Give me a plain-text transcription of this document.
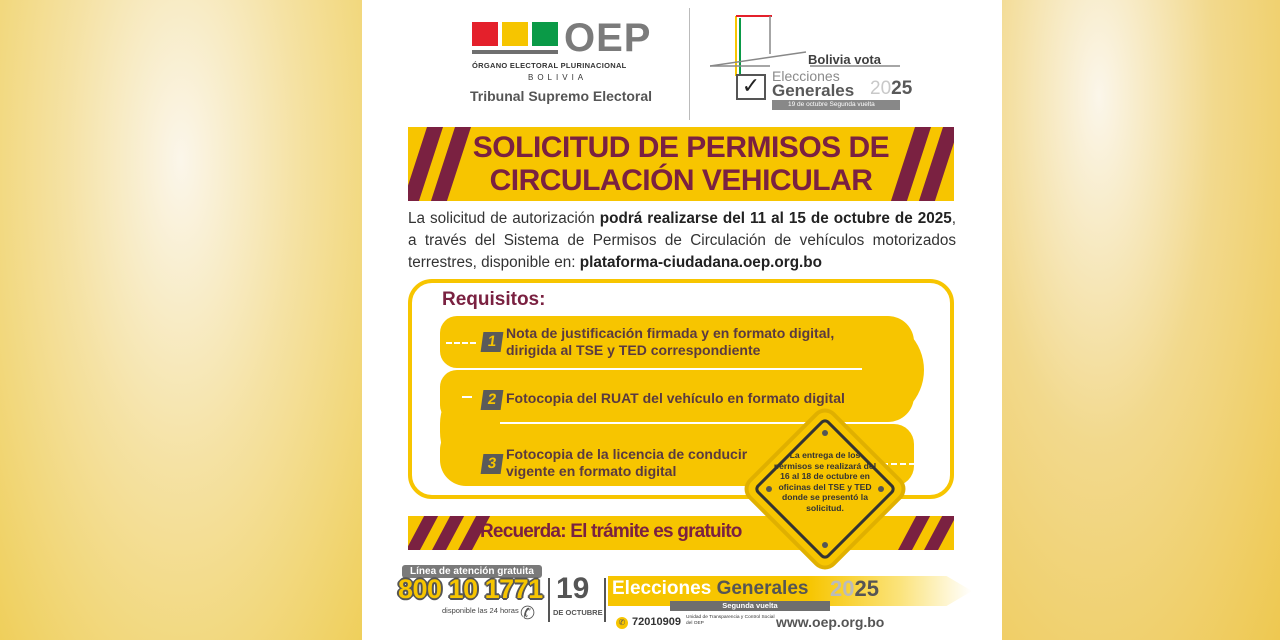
OEP
ÓRGANO ELECTORAL PLURINACIONAL
BOLIVIA
Tribunal Supremo Electoral	✓
Bolivia vota
Elecciones
Generales 2025
19 de octubre Segunda vuelta
SOLICITUD DE PERMISOS DE
CIRCULACIÓN VEHICULAR

La solicitud de autorización podrá realizarse del 11 al 15 de octubre de 2025, a través del Sistema de Permisos de Circulación de vehículos motorizados terrestres, disponible en: plataforma-ciudadana.oep.org.bo

Requisitos:
1 Nota de justificación firmada y en formato digital,
dirigida al TSE y TED correspondiente
2 Fotocopia del RUAT del vehículo en formato digital
3
Fotocopia de la licencia de conducir
vigente en formato digital
Recuerda: El trámite es gratuito
La entrega de los permisos se realizará del 16 al 18 de octubre en oficinas del TSE y TED donde se presentó la solicitud.
Línea de atención gratuita
800 10 1771
disponible las 24 horas ✆
19
DE OCTUBRE
Elecciones Generales 2025
Segunda vuelta
✆ 72010909 Unidad de Transparencia y Control Social del OEP	www.oep.org.bo
